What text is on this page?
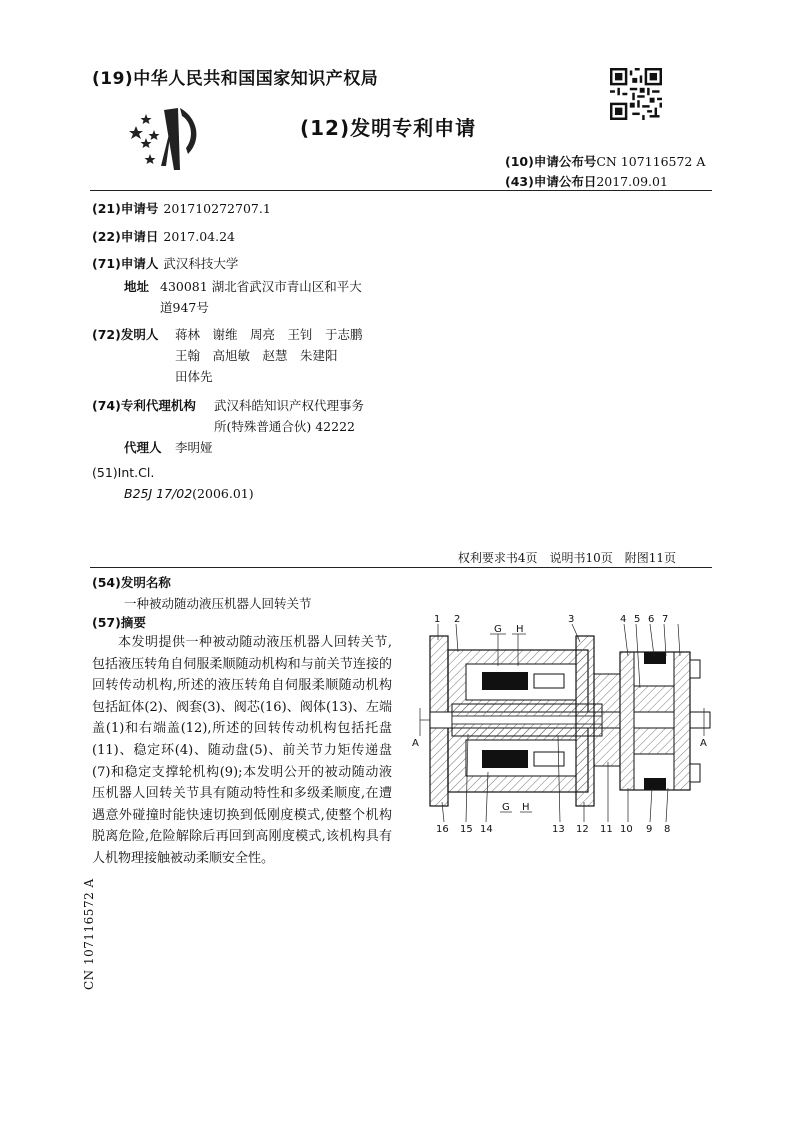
(19)中华人民共和国国家知识产权局
(12)发明专利申请
(10)申请公布号CN 107116572 A
(43)申请公布日2017.09.01
(21)申请号 201710272707.1
(22)申请日 2017.04.24
(71)申请人 武汉科技大学
地址 430081 湖北省武汉市青山区和平大
道947号
(72)发明人 蒋林　谢维　周亮　王钊　于志鹏
王翰　高旭敏　赵慧　朱建阳
田体先
(74)专利代理机构 武汉科皓知识产权代理事务
所(特殊普通合伙) 42222
代理人 李明娅
(51)Int.Cl.
B25J 17/02(2006.01)
权利要求书4页　说明书10页　附图11页
(54)发明名称
一种被动随动液压机器人回转关节
(57)摘要
本发明提供一种被动随动液压机器人回转关节,包括液压转角自伺服柔顺随动机构和与前关节连接的回转传动机构,所述的液压转角自伺服柔顺随动机构包括缸体(2)、阀套(3)、阀芯(16)、阀体(13)、左端盖(1)和右端盖(12),所述的回转传动机构包括托盘(11)、稳定环(4)、随动盘(5)、前关节力矩传递盘(7)和稳定支撑轮机构(9);本发明公开的被动随动液压机器人回转关节具有随动特性和多级柔顺度,在遭遇意外碰撞时能快速切换到低刚度模式,使整个机构脱离危险,危险解除后再回到高刚度模式,该机构具有人机物理接触被动柔顺安全性。
CN 107116572 A
1 2
G H
3	4 5 6 7
16 15 14
G H
13 12 11 10 9 8
A	A
